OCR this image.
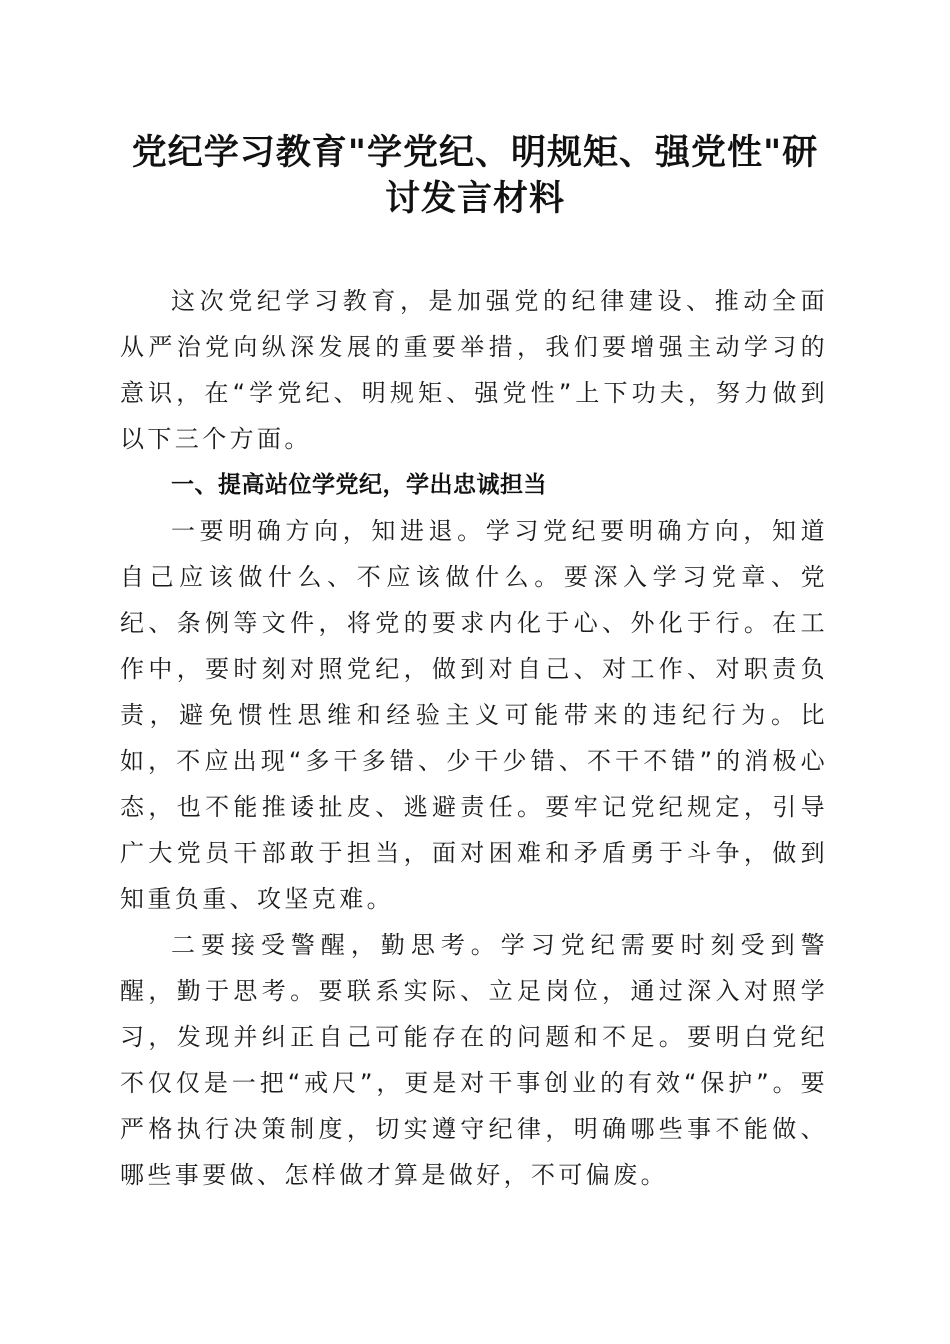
党纪学习教育"学党纪、明规矩、强党性"研
讨发言材料

这次党纪学习教育，是加强党的纪律建设、推动全面从严治党向纵深发展的重要举措，我们要增强主动学习的意识，在“学党纪、明规矩、强党性”上下功夫，努力做到以下三个方面。

一、提高站位学党纪，学出忠诚担当

一要明确方向，知进退。学习党纪要明确方向，知道自己应该做什么、不应该做什么。要深入学习党章、党纪、条例等文件，将党的要求内化于心、外化于行。在工作中，要时刻对照党纪，做到对自己、对工作、对职责负责，避免惯性思维和经验主义可能带来的违纪行为。比如，不应出现“多干多错、少干少错、不干不错”的消极心态，也不能推诿扯皮、逃避责任。要牢记党纪规定，引导广大党员干部敢于担当，面对困难和矛盾勇于斗争，做到知重负重、攻坚克难。

二要接受警醒，勤思考。学习党纪需要时刻受到警醒，勤于思考。要联系实际、立足岗位，通过深入对照学习，发现并纠正自己可能存在的问题和不足。要明白党纪不仅仅是一把“戒尺”，更是对干事创业的有效“保护”。要严格执行决策制度，切实遵守纪律，明确哪些事不能做、哪些事要做、怎样做才算是做好，不可偏废。
